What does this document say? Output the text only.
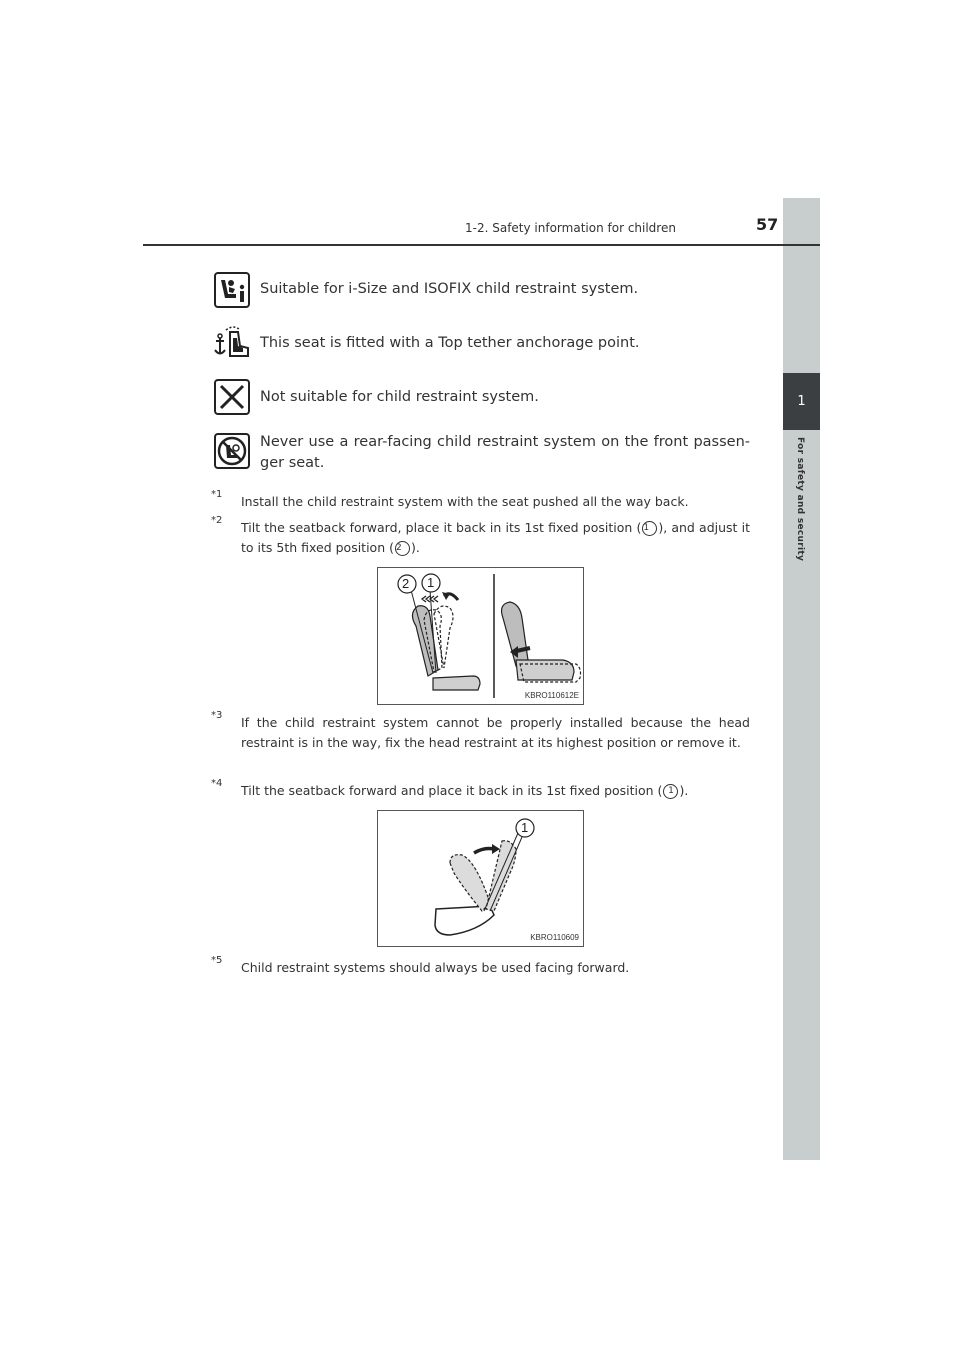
1
For safety and security
1-2. Safety information for children	57
Suitable for i-Size and ISOFIX child restraint system.
This seat is fitted with a Top tether anchorage point.
Not suitable for child restraint system.
Never use a rear-facing child restraint system on the front passen-ger seat.
*1 Install the child restraint system with the seat pushed all the way back.
*2 Tilt the seatback forward, place it back in its 1st fixed position ( 1 ), and adjust it to its 5th fixed position ( 2 ).
2 1
KBRO110612E
*3 If the child restraint system cannot be properly installed because the head restraint is in the way, fix the head restraint at its highest position or remove it.
*4 Tilt the seatback forward and place it back in its 1st fixed position ( 1 ).
1
KBRO110609
*5 Child restraint systems should always be used facing forward.
